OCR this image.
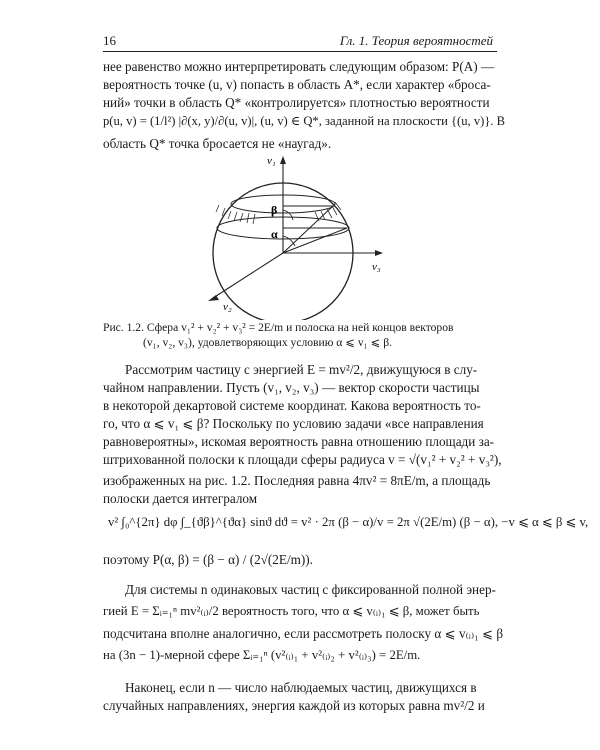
16	Гл. 1. Теория вероятностей
нее равенство можно интерпретировать следующим образом: P(A) —
вероятность точке (u, v) попасть в область A*, если характер «броса-
ний» точки в область Q* «контролируется» плотностью вероятности
p(u, v) = (1/l²) |∂(x, y)/∂(u, v)|, (u, v) ∈ Q*, заданной на плоскости {(u, v)}. В
область Q* точка бросается не «наугад».
v₁
v₃
v₂
β
α
Рис. 1.2. Сфера v₁² + v₂² + v₃² = 2E/m и полоска на ней концов векторов
(v₁, v₂, v₃), удовлетворяющих условию α ⩽ v₁ ⩽ β.
Рассмотрим частицу с энергией E = mv²/2, движущуюся в слу-
чайном направлении. Пусть (v₁, v₂, v₃) — вектор скорости частицы
в некоторой декартовой системе координат. Какова вероятность то-
го, что α ⩽ v₁ ⩽ β? Поскольку по условию задачи «все направления
равновероятны», искомая вероятность равна отношению площади за-
штрихованной полоски к площади сферы радиуса v = √(v₁² + v₂² + v₃²),
изображенных на рис. 1.2. Последняя равна 4πv² = 8πE/m, а площадь
полоски дается интегралом
v² ∫₀^{2π} dφ ∫_{ϑβ}^{ϑα} sinϑ dϑ = v² · 2π (β − α)/v = 2π √(2E/m) (β − α), −v ⩽ α ⩽ β ⩽ v,
поэтому P(α, β) = (β − α) / (2√(2E/m)).
Для системы n одинаковых частиц с фиксированной полной энер-
гией E = Σᵢ₌₁ⁿ mv²₍ᵢ₎/2 вероятность того, что α ⩽ v₍ᵢ₎₁ ⩽ β, может быть
подсчитана вполне аналогично, если рассмотреть полоску α ⩽ v₍ᵢ₎₁ ⩽ β
на (3n − 1)-мерной сфере Σᵢ₌₁ⁿ (v²₍ᵢ₎₁ + v²₍ᵢ₎₂ + v²₍ᵢ₎₃) = 2E/m.
Наконец, если n — число наблюдаемых частиц, движущихся в
случайных направлениях, энергия каждой из которых равна mv²/2 и
